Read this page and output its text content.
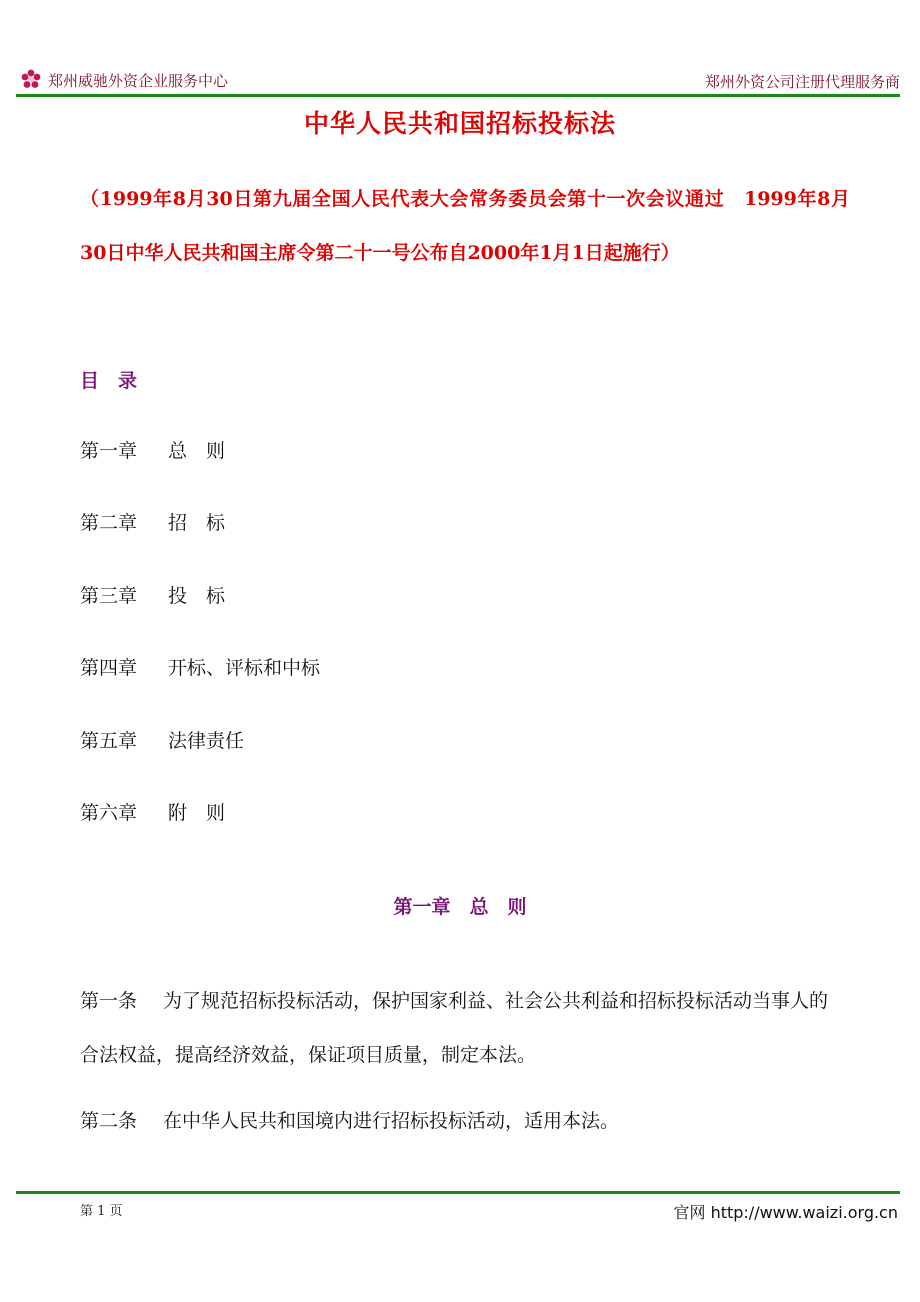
郑州威驰外资企业服务中心	郑州外资公司注册代理服务商
中华人民共和国招标投标法
（1999年8月30日第九届全国人民代表大会常务委员会第十一次会议通过　1999年8月30日中华人民共和国主席令第二十一号公布自2000年1月1日起施行）
目　录
第一章	总　则
第二章	招　标
第三章	投　标
第四章	开标、评标和中标
第五章	法律责任
第六章	附　则
第一章　总　则
第一条 为了规范招标投标活动，保护国家利益、社会公共利益和招标投标活动当事人的合法权益，提高经济效益，保证项目质量，制定本法。
第二条 在中华人民共和国境内进行招标投标活动，适用本法。
第 1 页	官网 http://www.waizi.org.cn
